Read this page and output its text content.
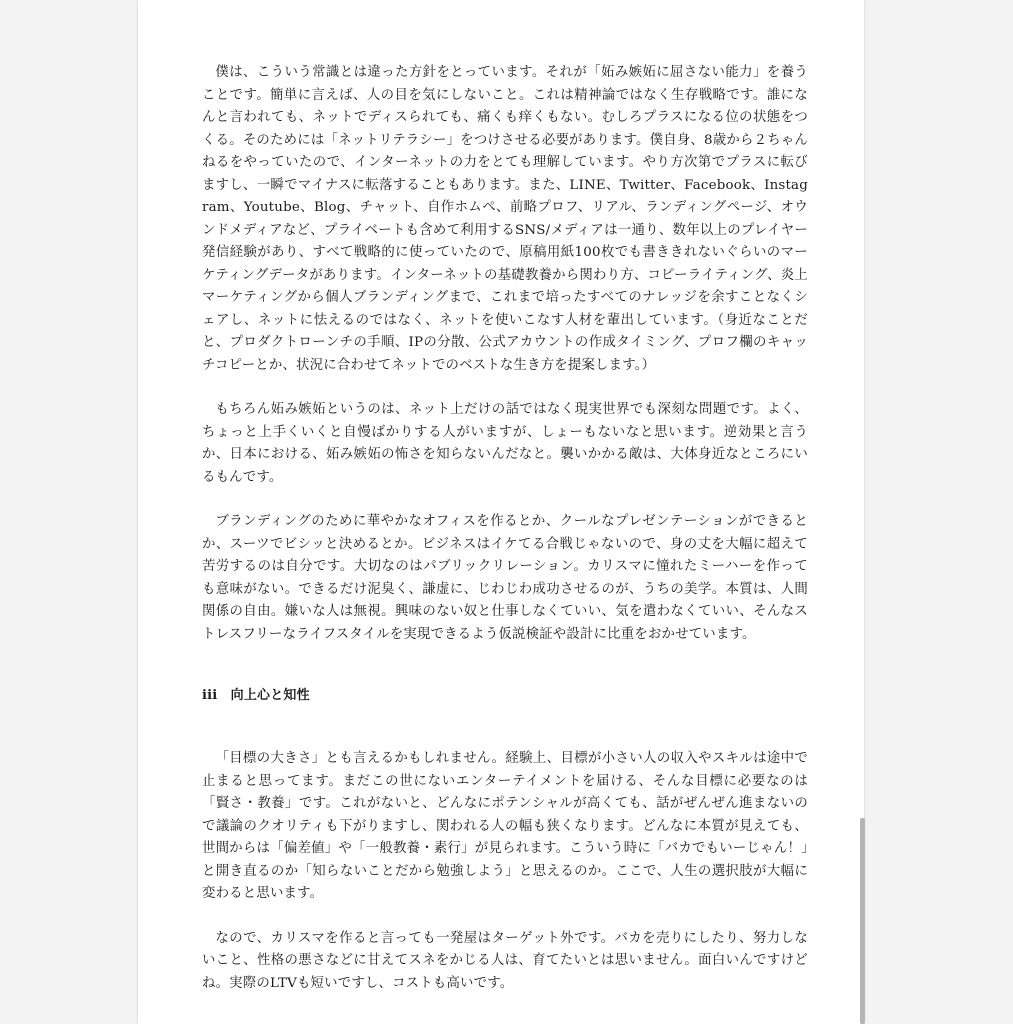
僕は、こういう常識とは違った方針をとっています。それが「妬み嫉妬に屈さない能力」を養うことです。簡単に言えば、人の目を気にしないこと。これは精神論ではなく生存戦略です。誰になんと言われても、ネットでディスられても、痛くも痒くもない。むしろプラスになる位の状態をつくる。そのためには「ネットリテラシー」をつけさせる必要があります。僕自身、8歳から２ちゃんねるをやっていたので、インターネットの力をとても理解しています。やり方次第でプラスに転びますし、一瞬でマイナスに転落することもあります。また、LINE、Twitter、Facebook、Instagram、Youtube、Blog、チャット、自作ホムペ、前略プロフ、リアル、ランディングページ、オウンドメディアなど、プライベートも含めて利用するSNS/メディアは一通り、数年以上のプレイヤー発信経験があり、すべて戦略的に使っていたので、原稿用紙100枚でも書ききれないぐらいのマーケティングデータがあります。インターネットの基礎教養から関わり方、コピーライティング、炎上マーケティングから個人ブランディングまで、これまで培ったすべてのナレッジを余すことなくシェアし、ネットに怯えるのではなく、ネットを使いこなす人材を輩出しています。（身近なことだと、プロダクトローンチの手順、IPの分散、公式アカウントの作成タイミング、プロフ欄のキャッチコピーとか、状況に合わせてネットでのベストな生き方を提案します。）

もちろん妬み嫉妬というのは、ネット上だけの話ではなく現実世界でも深刻な問題です。よく、ちょっと上手くいくと自慢ばかりする人がいますが、しょーもないなと思います。逆効果と言うか、日本における、妬み嫉妬の怖さを知らないんだなと。襲いかかる敵は、大体身近なところにいるもんです。

ブランディングのために華やかなオフィスを作るとか、クールなプレゼンテーションができるとか、スーツでビシッと決めるとか。ビジネスはイケてる合戦じゃないので、身の丈を大幅に超えて苦労するのは自分です。大切なのはパブリックリレーション。カリスマに憧れたミーハーを作っても意味がない。できるだけ泥臭く、謙虚に、じわじわ成功させるのが、うちの美学。本質は、人間関係の自由。嫌いな人は無視。興味のない奴と仕事しなくていい、気を遣わなくていい、そんなストレスフリーなライフスタイルを実現できるよう仮説検証や設計に比重をおかせています。

iii　向上心と知性

「目標の大きさ」とも言えるかもしれません。経験上、目標が小さい人の収入やスキルは途中で止まると思ってます。まだこの世にないエンターテイメントを届ける、そんな目標に必要なのは「賢さ・教養」です。これがないと、どんなにポテンシャルが高くても、話がぜんぜん進まないので議論のクオリティも下がりますし、関われる人の幅も狭くなります。どんなに本質が見えても、世間からは「偏差値」や「一般教養・素行」が見られます。こういう時に「バカでもいーじゃん！」と開き直るのか「知らないことだから勉強しよう」と思えるのか。ここで、人生の選択肢が大幅に変わると思います。

なので、カリスマを作ると言っても一発屋はターゲット外です。バカを売りにしたり、努力しないこと、性格の悪さなどに甘えてスネをかじる人は、育てたいとは思いません。面白いんですけどね。実際のLTVも短いですし、コストも高いです。
